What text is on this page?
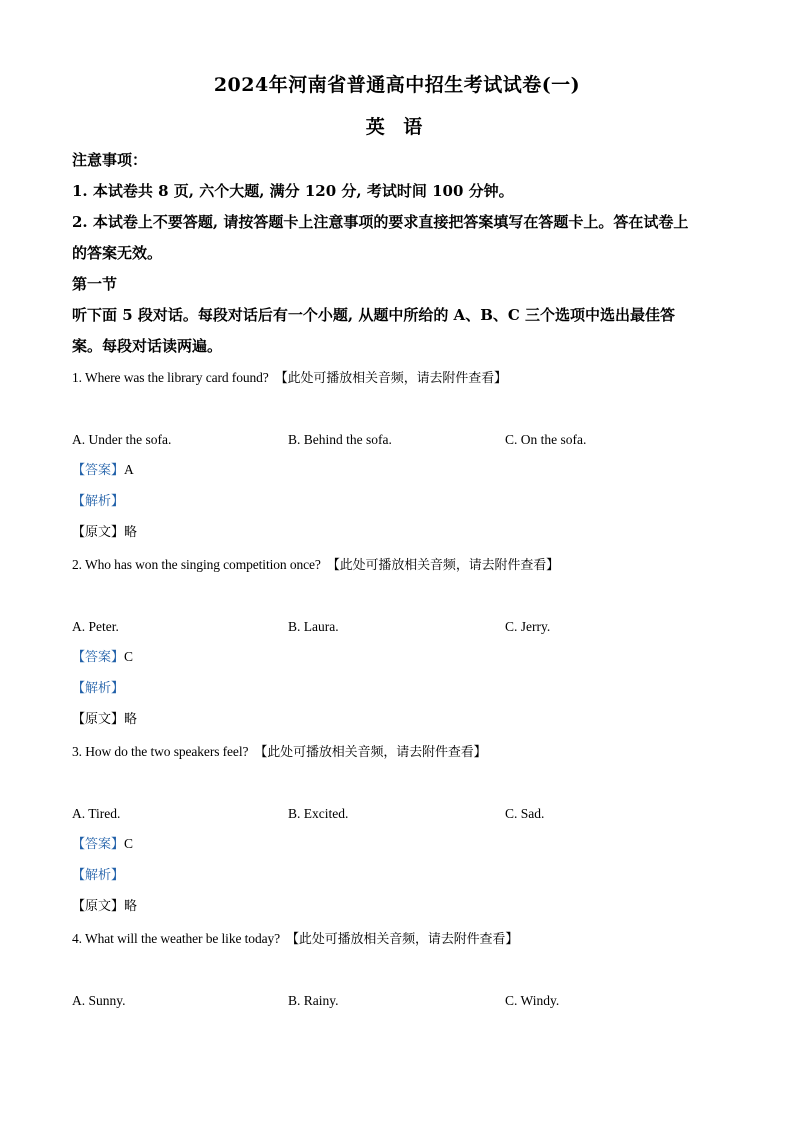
2024年河南省普通高中招生考试试卷(一)
英 语
注意事项：
1. 本试卷共 8 页, 六个大题, 满分 120 分, 考试时间 100 分钟。
2. 本试卷上不要答题, 请按答题卡上注意事项的要求直接把答案填写在答题卡上。答在试卷上
的答案无效。
第一节
听下面 5 段对话。每段对话后有一个小题, 从题中所给的 A、B、C 三个选项中选出最佳答
案。每段对话读两遍。
1. Where was the library card found? 【此处可播放相关音频，请去附件查看】
A. Under the sofa.	B. Behind the sofa.	C. On the sofa.
【答案】A
【解析】
【原文】略
2. Who has won the singing competition once? 【此处可播放相关音频，请去附件查看】
A. Peter.	B. Laura.	C. Jerry.
【答案】C
【解析】
【原文】略
3. How do the two speakers feel? 【此处可播放相关音频，请去附件查看】
A. Tired.	B. Excited.	C. Sad.
【答案】C
【解析】
【原文】略
4. What will the weather be like today? 【此处可播放相关音频，请去附件查看】
A. Sunny.	B. Rainy.	C. Windy.
